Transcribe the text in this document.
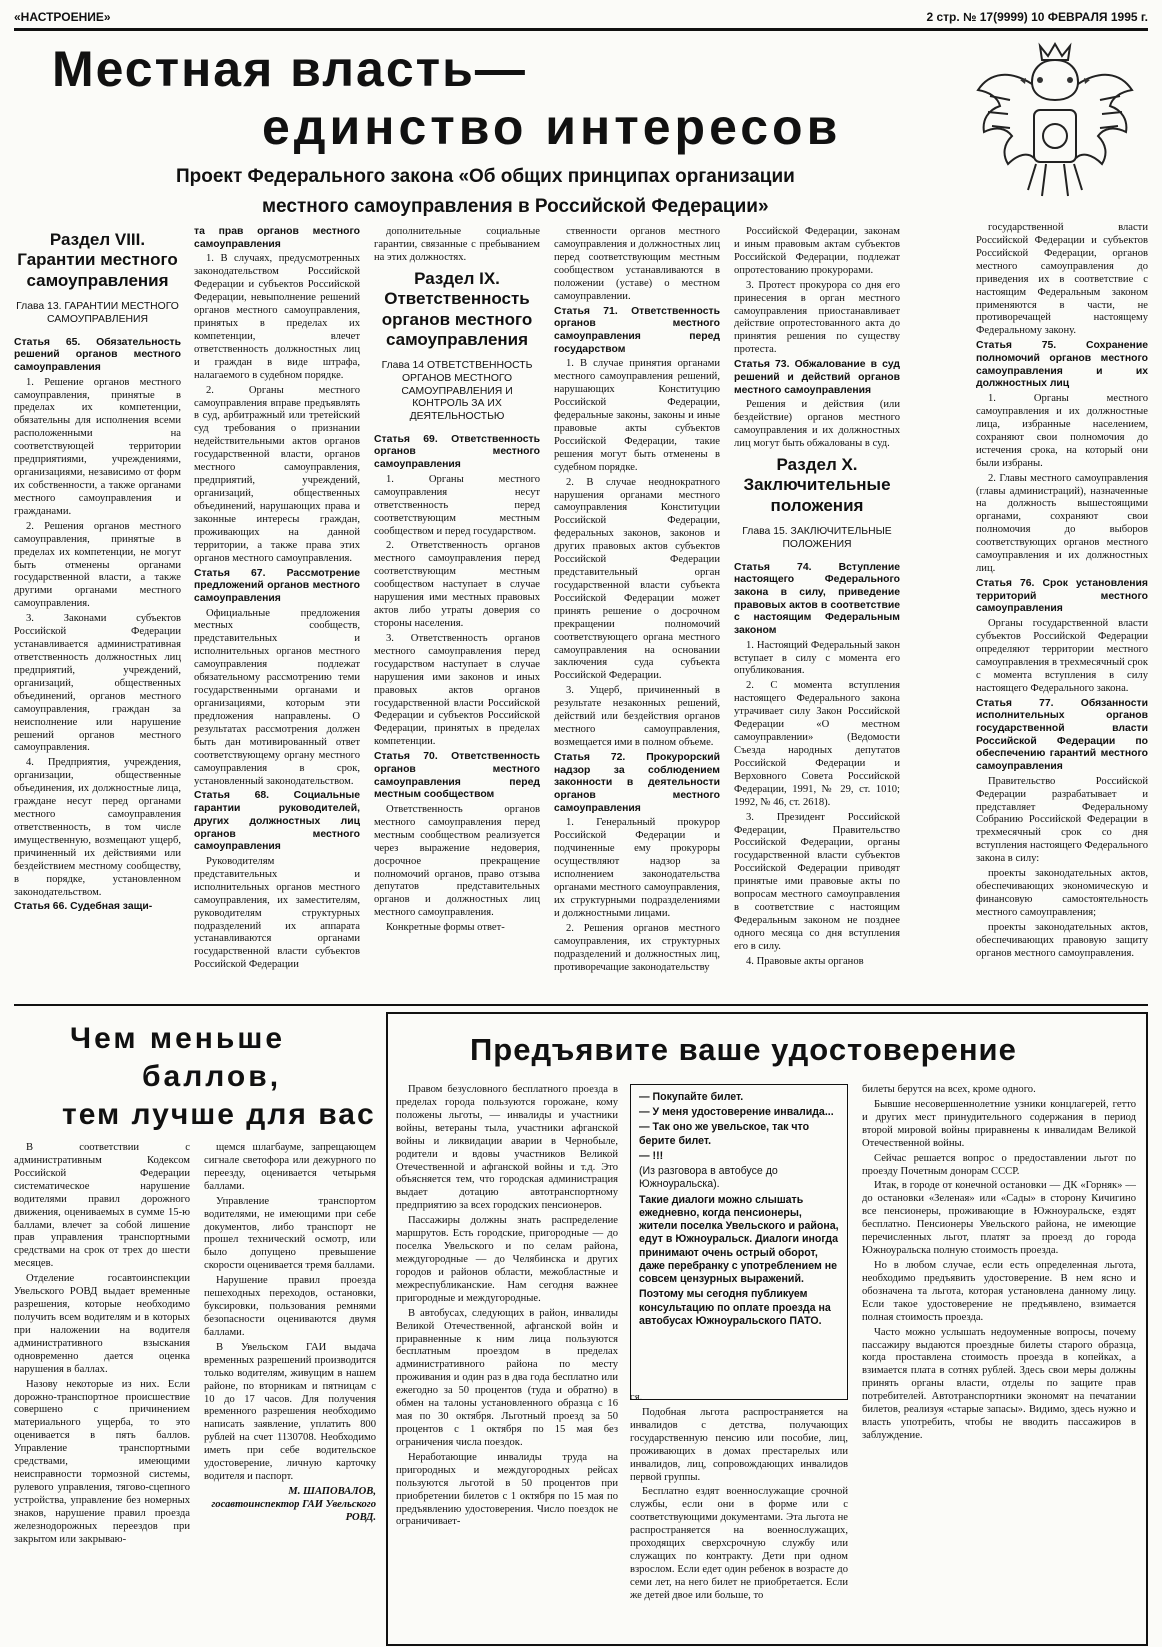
«НАСТРОЕНИЕ»	2 стр. № 17(9999) 10 ФЕВРАЛЯ 1995 г.
Местная власть—
единство интересов
Проект Федерального закона «Об общих принципах организации
местного самоуправления в Российской Федерации»
Раздел VIII. Гарантии местного самоуправления
Глава 13. ГАРАНТИИ МЕСТНОГО САМОУПРАВЛЕНИЯ

Статья 65. Обязательность решений органов местного самоуправления

1. Решение органов местного самоуправления, принятые в пределах их компетенции, обязательны для исполнения всеми расположенными на соответствующей территории предприятиями, учреждениями, организациями, независимо от форм их собственности, а также органами местного самоуправления и гражданами.

2. Решения органов местного самоуправления, принятые в пределах их компетенции, не могут быть отменены органами государственной власти, а также другими органами местного самоуправления.

3. Законами субъектов Российской Федерации устанавливается административная ответственность должностных лиц предприятий, учреждений, организаций, общественных объединений, органов местного самоуправления, граждан за неисполнение или нарушение решений органов местного самоуправления.

4. Предприятия, учреждения, организации, общественные объединения, их должностные лица, граждане несут перед органами местного самоуправления ответственность, в том числе имущественную, возмещают ущерб, причиненный их действиями или бездействием местному сообществу, в порядке, установленном законодательством.

Статья 66. Судебная защи-

та прав органов местного самоуправления

1. В случаях, предусмотренных законодательством Российской Федерации и субъектов Российской Федерации, невыполнение решений органов местного самоуправления, принятых в пределах их компетенции, влечет ответственность должностных лиц и граждан в виде штрафа, налагаемого в судебном порядке.

2. Органы местного самоуправления вправе предъявлять в суд, арбитражный или третейский суд требования о признании недействительными актов органов государственной власти, органов местного самоуправления, предприятий, учреждений, организаций, общественных объединений, нарушающих права и законные интересы граждан, проживающих на данной территории, а также права этих органов местного самоуправления.

Статья 67. Рассмотрение предложений органов местного самоуправления

Официальные предложения местных сообществ, представительных и исполнительных органов местного самоуправления подлежат обязательному рассмотрению теми государственными органами и организациями, которым эти предложения направлены. О результатах рассмотрения должен быть дан мотивированный ответ соответствующему органу местного самоуправления в срок, установленный законодательством.

Статья 68. Социальные гарантии руководителей, других должностных лиц органов местного самоуправления

Руководителям представительных и исполнительных органов местного самоуправления, их заместителям, руководителям структурных подразделений их аппарата устанавливаются органами государственной власти субъектов Российской Федерации

дополнительные социальные гарантии, связанные с пребыванием на этих должностях.

Раздел IX. Ответственность органов местного самоуправления
Глава 14 ОТВЕТСТВЕННОСТЬ ОРГАНОВ МЕСТНОГО САМОУПРАВЛЕНИЯ И КОНТРОЛЬ ЗА ИХ ДЕЯТЕЛЬНОСТЬЮ

Статья 69. Ответственность органов местного самоуправления

1. Органы местного самоуправления несут ответственность перед соответствующим местным сообществом и перед государством.

2. Ответственность органов местного самоуправления перед соответствующим местным сообществом наступает в случае нарушения ими местных правовых актов либо утраты доверия со стороны населения.

3. Ответственность органов местного самоуправления перед государством наступает в случае нарушения ими законов и иных правовых актов органов государственной власти Российской Федерации и субъектов Российской Федерации, принятых в пределах компетенции.

Статья 70. Ответственность органов местного самоуправления перед местным сообществом

Ответственность органов местного самоуправления перед местным сообществом реализуется через выражение недоверия, досрочное прекращение полномочий органов, право отзыва депутатов представительных органов и должностных лиц местного самоуправления.

Конкретные формы ответ-

ственности органов местного самоуправления и должностных лиц перед соответствующим местным сообществом устанавливаются в положении (уставе) о местном самоуправлении.

Статья 71. Ответственность органов местного самоуправления перед государством

1. В случае принятия органами местного самоуправления решений, нарушающих Конституцию Российской Федерации, федеральные законы, законы и иные правовые акты субъектов Российской Федерации, такие решения могут быть отменены в судебном порядке.

2. В случае неоднократного нарушения органами местного самоуправления Конституции Российской Федерации, федеральных законов, законов и других правовых актов субъектов Российской Федерации представительный орган государственной власти субъекта Российской Федерации может принять решение о досрочном прекращении полномочий соответствующего органа местного самоуправления на основании заключения суда субъекта Российской Федерации.

3. Ущерб, причиненный в результате незаконных решений, действий или бездействия органов местного самоуправления, возмещается ими в полном объеме.

Статья 72. Прокурорский надзор за соблюдением законности в деятельности органов местного самоуправления

1. Генеральный прокурор Российской Федерации и подчиненные ему прокуроры осуществляют надзор за исполнением законодательства органами местного самоуправления, их структурными подразделениями и должностными лицами.

2. Решения органов местного самоуправления, их структурных подразделений и должностных лиц, противоречащие законодательству

Российской Федерации, законам и иным правовым актам субъектов Российской Федерации, подлежат опротестованию прокурорами.

3. Протест прокурора со дня его принесения в орган местного самоуправления приостанавливает действие опротестованного акта до принятия решения по существу протеста.

Статья 73. Обжалование в суд решений и действий органов местного самоуправления

Решения и действия (или бездействие) органов местного самоуправления и их должностных лиц могут быть обжалованы в суд.

Раздел X. Заключительные положения
Глава 15. ЗАКЛЮЧИТЕЛЬНЫЕ ПОЛОЖЕНИЯ

Статья 74. Вступление настоящего Федерального закона в силу, приведение правовых актов в соответствие с настоящим Федеральным законом

1. Настоящий Федеральный закон вступает в силу с момента его опубликования.

2. С момента вступления настоящего Федерального закона утрачивает силу Закон Российской Федерации «О местном самоуправлении» (Ведомости Съезда народных депутатов Российской Федерации и Верховного Совета Российской Федерации, 1991, № 29, ст. 1010; 1992, № 46, ст. 2618).

3. Президент Российской Федерации, Правительство Российской Федерации, органы государственной власти субъектов Российской Федерации приводят принятые ими правовые акты по вопросам местного самоуправления в соответствие с настоящим Федеральным законом не позднее одного месяца со дня вступления его в силу.

4. Правовые акты органов

государственной власти Российской Федерации и субъектов Российской Федерации, органов местного самоуправления до приведения их в соответствие с настоящим Федеральным законом применяются в части, не противоречащей настоящему Федеральному закону.

Статья 75. Сохранение полномочий органов местного самоуправления и их должностных лиц

1. Органы местного самоуправления и их должностные лица, избранные населением, сохраняют свои полномочия до истечения срока, на который они были избраны.

2. Главы местного самоуправления (главы администраций), назначенные на должность вышестоящими органами, сохраняют свои полномочия до выборов соответствующих органов местного самоуправления и их должностных лиц.

Статья 76. Срок установления территорий местного самоуправления

Органы государственной власти субъектов Российской Федерации определяют территории местного самоуправления в трехмесячный срок с момента вступления в силу настоящего Федерального закона.

Статья 77. Обязанности исполнительных органов государственной власти Российской Федерации по обеспечению гарантий местного самоуправления

Правительство Российской Федерации разрабатывает и представляет Федеральному Собранию Российской Федерации в трехмесячный срок со дня вступления настоящего Федерального закона в силу:

проекты законодательных актов, обеспечивающих экономическую и финансовую самостоятельность местного самоуправления;

проекты законодательных актов, обеспечивающих правовую защиту органов местного самоуправления.

Чем меньше
баллов,
тем лучше для вас

В соответствии с административным Кодексом Российской Федерации систематическое нарушение водителями правил дорожного движения, оцениваемых в сумме 15-ю баллами, влечет за собой лишение прав управления транспортными средствами на срок от трех до шести месяцев.

Отделение госавтоинспекции Увельского РОВД выдает временные разрешения, которые необходимо получить всем водителям и в которых при наложении на водителя административного взыскания одновременно дается оценка нарушения в баллах.

Назову некоторые из них. Если дорожно-транспортное происшествие совершено с причинением материального ущерба, то это оценивается в пять баллов. Управление транспортными средствами, имеющими неисправности тормозной системы, рулевого управления, тягово-сцепного устройства, управление без номерных знаков, нарушение правил проезда железнодорожных переездов при закрытом или закрываю-

щемся шлагбауме, запрещающем сигнале светофора или дежурного по переезду, оценивается четырьмя баллами.

Управление транспортом водителями, не имеющими при себе документов, либо транспорт не прошел технический осмотр, или было допущено превышение скорости оценивается тремя баллами.

Нарушение правил проезда пешеходных переходов, остановки, буксировки, пользования ремнями безопасности оцениваются двумя баллами.

В Увельском ГАИ выдача временных разрешений производится только водителям, живущим в нашем районе, по вторникам и пятницам с 10 до 17 часов. Для получения временного разрешения необходимо написать заявление, уплатить 800 рублей на счет 1130708. Необходимо иметь при себе водительское удостоверение, личную карточку водителя и паспорт.

М. ШАПОВАЛОВ,
госавтоинспектор ГАИ Увельского РОВД.
Предъявите ваше удостоверение

Правом безусловного бесплатного проезда в пределах города пользуются горожане, кому положены льготы, — инвалиды и участники войны, ветераны тыла, участники афганской войны и ликвидации аварии в Чернобыле, родители и вдовы участников Великой Отечественной и афганской войны и т.д. Это объясняется тем, что городская администрация выдает дотацию автотранспортному предприятию за всех городских пенсионеров.

Пассажиры должны знать распределение маршрутов. Есть городские, пригородные — до поселка Увельского и по селам района, междугородные — до Челябинска и других городов и районов области, межобластные и межреспубликанские. Нам сегодня важнее пригородные и междугородные.

В автобусах, следующих в район, инвалиды Великой Отечественной, афганской войн и приравненные к ним лица пользуются бесплатным проездом в пределах административного района по месту проживания и один раз в два года бесплатно или ежегодно за 50 процентов (туда и обратно) в обмен на талоны установленного образца с 16 мая по 30 октября. Льготный проезд за 50 процентов с 1 октября по 15 мая без ограничения числа поездок.

Неработающие инвалиды труда на пригородных и междугородных рейсах пользуются льготой в 50 процентов при приобретении билетов с 1 октября по 15 мая по предъявлению удостоверения. Число поездок не ограничивает-

— Покупайте билет.

— У меня удостоверение инвалида...

— Так оно же увельское, так что берите билет.

— !!!

(Из разговора в автобусе до Южноуральска).

Такие диалоги можно слышать ежедневно, когда пенсионеры, жители поселка Увельского и района, едут в Южноуральск. Диалоги иногда принимают очень острый оборот, даже перебранку с употреблением не совсем цензурных выражений.

Поэтому мы сегодня публикуем консультацию по оплате проезда на автобусах Южноуральского ПАТО.

ся.

Подобная льгота распространяется на инвалидов с детства, получающих государственную пенсию или пособие, лиц, проживающих в домах престарелых или инвалидов, лиц, сопровождающих инвалидов первой группы.

Бесплатно ездят военнослужащие срочной службы, если они в форме или с соответствующими документами. Эта льгота не распространяется на военнослужащих, проходящих сверхсрочную службу или служащих по контракту. Дети при одном взрослом. Если едет один ребенок в возрасте до семи лет, на него билет не приобретается. Если же детей двое или больше, то

билеты берутся на всех, кроме одного.

Бывшие несовершеннолетние узники концлагерей, гетто и других мест принудительного содержания в период второй мировой войны приравнены к инвалидам Великой Отечественной войны.

Сейчас решается вопрос о предоставлении льгот по проезду Почетным донорам СССР.

Итак, в городе от конечной остановки — ДК «Горняк» — до остановки «Зеленая» или «Сады» в сторону Кичигино все пенсионеры, проживающие в Южноуральске, ездят бесплатно. Пенсионеры Увельского района, не имеющие перечисленных льгот, платят за проезд до города Южноуральска полную стоимость проезда.

Но в любом случае, если есть определенная льгота, необходимо предъявить удостоверение. В нем ясно и обозначена та льгота, которая установлена данному лицу. Если такое удостоверение не предъявлено, взимается полная стоимость проезда.

Часто можно услышать недоуменные вопросы, почему пассажиру выдаются проездные билеты старого образца, когда проставлена стоимость проезда в копейках, а взимается плата в сотнях рублей. Здесь свои меры должны принять органы власти, отделы по защите прав потребителей. Автотранспортники экономят на печатании билетов, реализуя «старые запасы». Видимо, здесь нужно и власть употребить, чтобы не вводить пассажиров в заблуждение.
